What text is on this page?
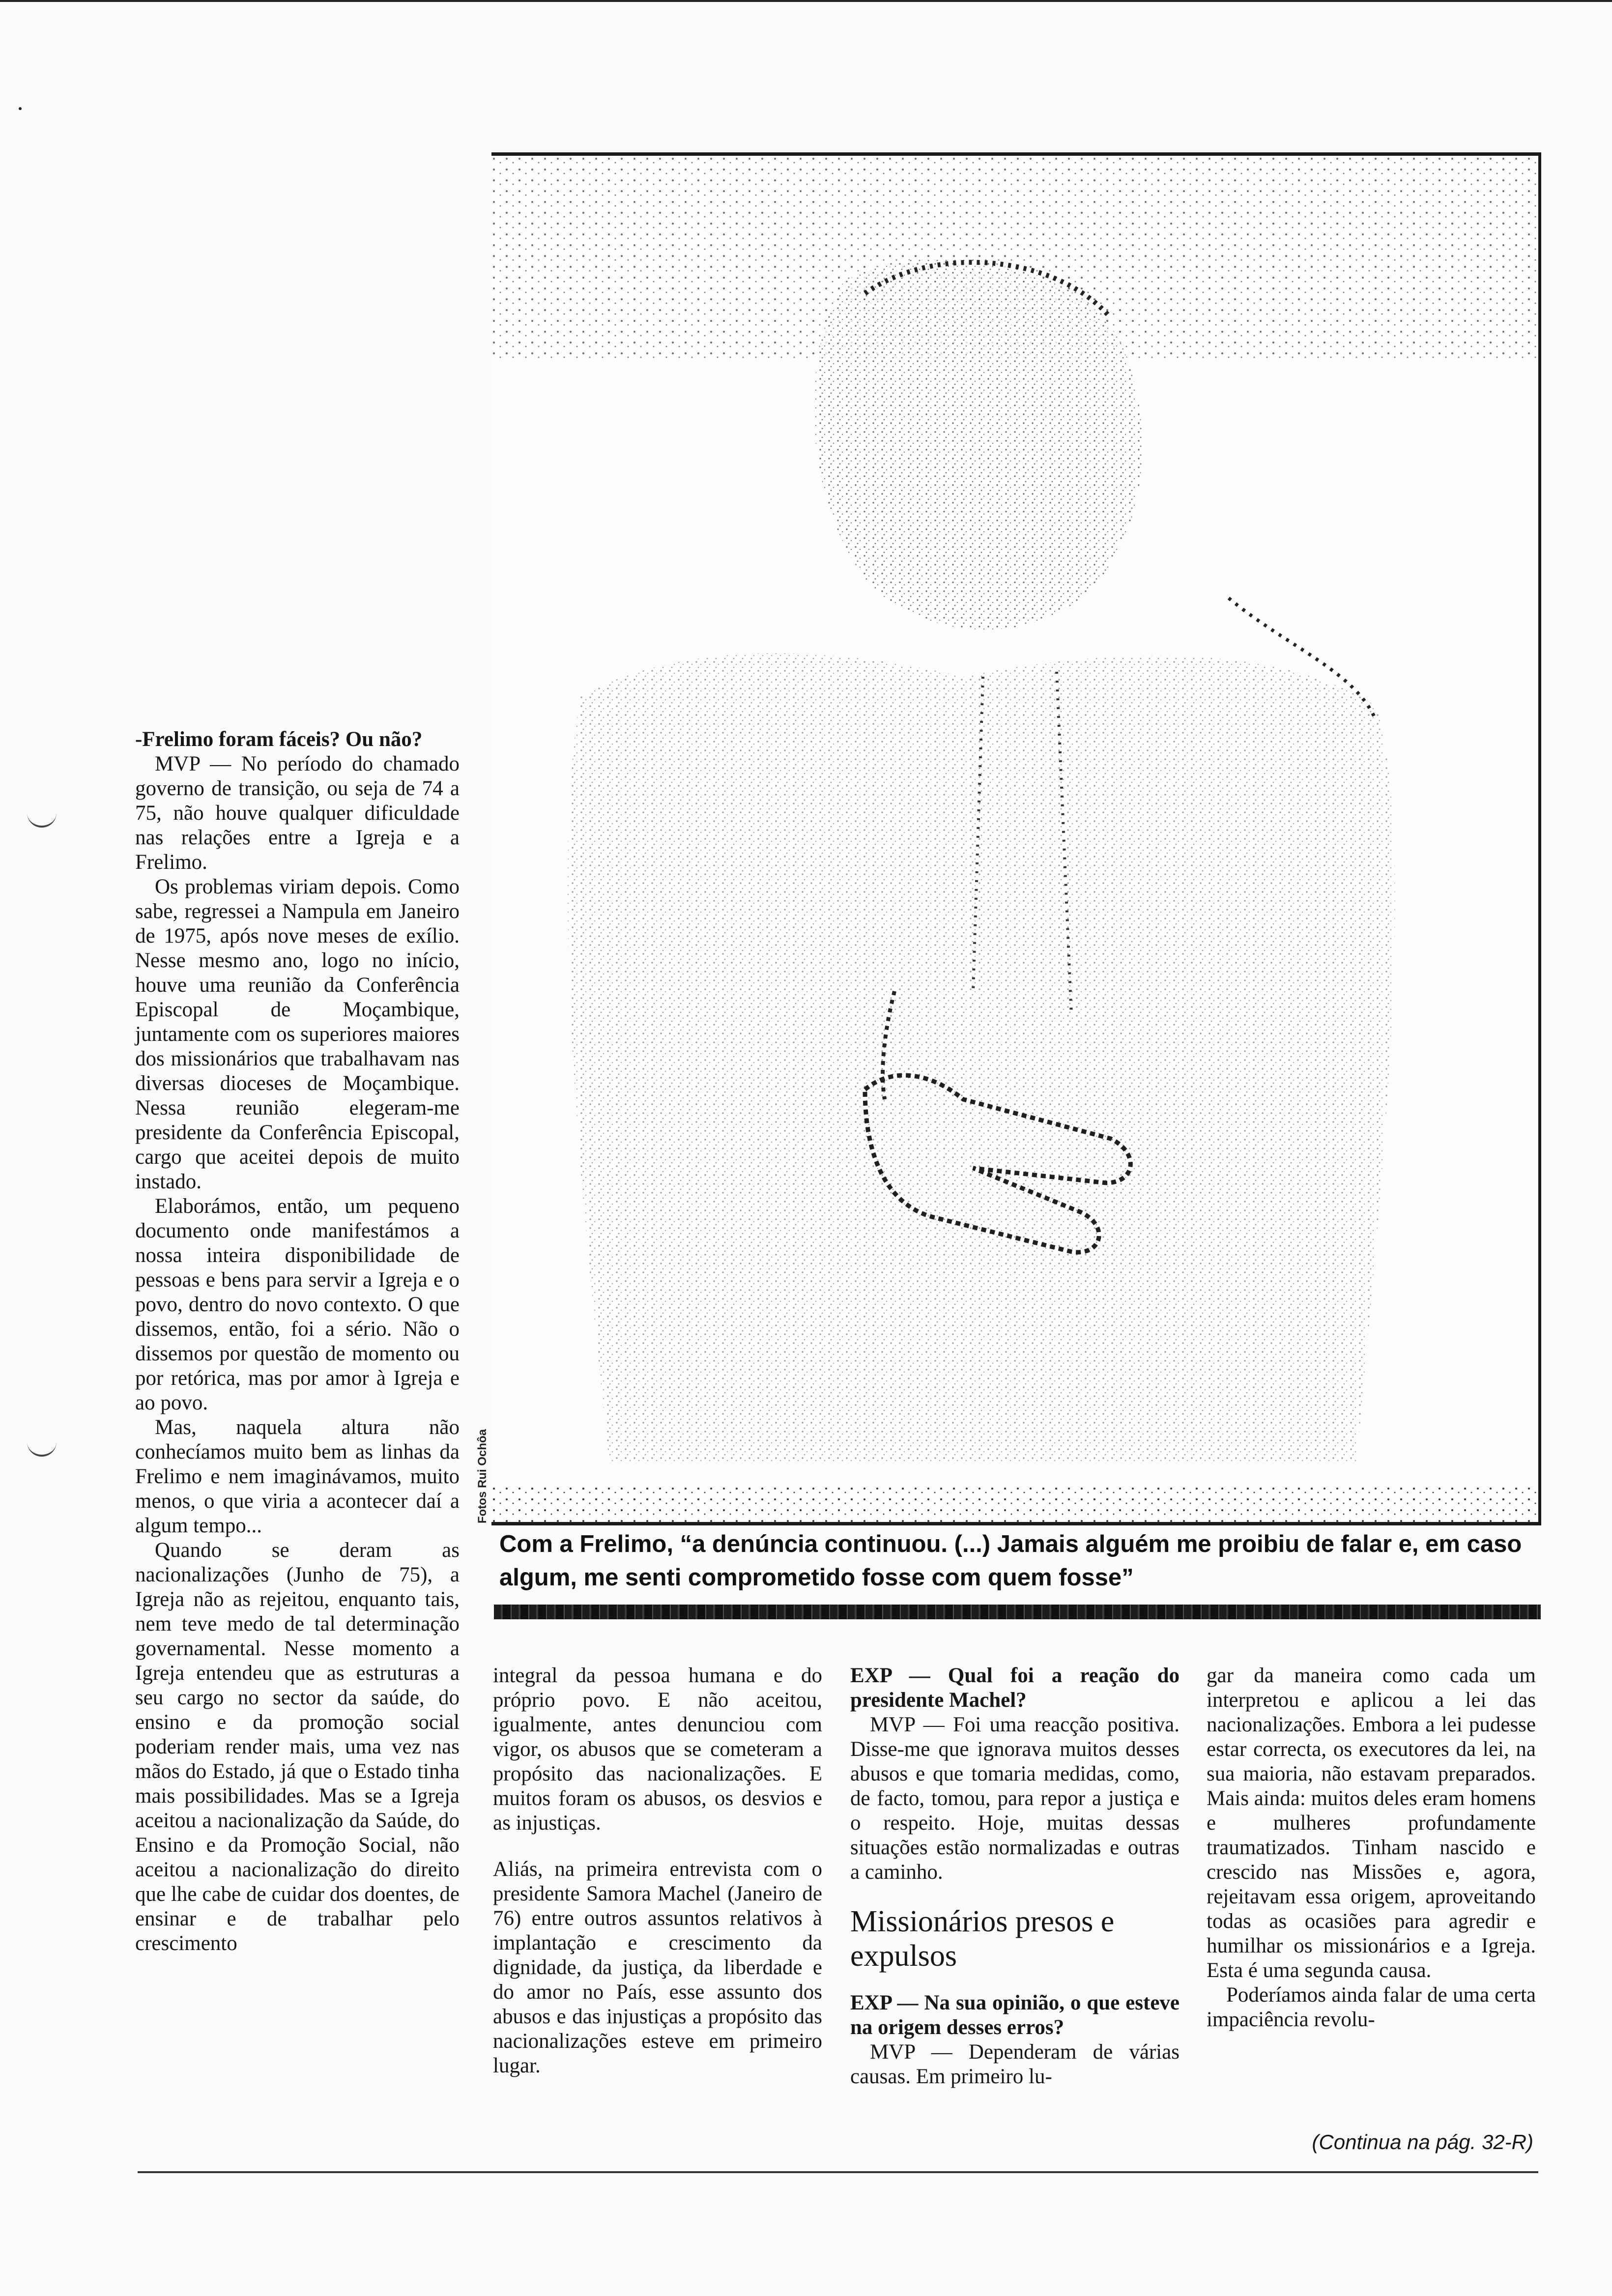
Fotos Rui Ochôa
Com a Frelimo, “a denúncia continuou. (...) Jamais alguém me proibiu de falar e, em caso algum, me senti comprometido fosse com quem fosse”

-Frelimo foram fáceis? Ou não?

MVP — No período do chamado governo de transição, ou seja de 74 a 75, não houve qualquer dificuldade nas relações entre a Igreja e a Frelimo.

Os problemas viriam depois. Como sabe, regressei a Nampula em Janeiro de 1975, após nove meses de exílio. Nesse mesmo ano, logo no início, houve uma reunião da Conferência Episcopal de Moçambique, juntamente com os superiores maiores dos missionários que trabalhavam nas diversas dioceses de Moçambique. Nessa reunião elegeram-me presidente da Conferência Episcopal, cargo que aceitei depois de muito instado.

Elaborámos, então, um pequeno documento onde manifestámos a nossa inteira disponibilidade de pessoas e bens para servir a Igreja e o povo, dentro do novo contexto. O que dissemos, então, foi a sério. Não o dissemos por questão de momento ou por retórica, mas por amor à Igreja e ao povo.

Mas, naquela altura não conhecíamos muito bem as linhas da Frelimo e nem imaginávamos, muito menos, o que viria a acontecer daí a algum tempo...

Quando se deram as nacionalizações (Junho de 75), a Igreja não as rejeitou, enquanto tais, nem teve medo de tal determinação governamental. Nesse momento a Igreja entendeu que as estruturas a seu cargo no sector da saúde, do ensino e da promoção social poderiam render mais, uma vez nas mãos do Estado, já que o Estado tinha mais possibilidades. Mas se a Igreja aceitou a nacionalização da Saúde, do Ensino e da Promoção Social, não aceitou a nacionalização do direito que lhe cabe de cuidar dos doentes, de ensinar e de trabalhar pelo crescimento

integral da pessoa humana e do próprio povo. E não aceitou, igualmente, antes denunciou com vigor, os abusos que se cometeram a propósito das nacionalizações. E muitos foram os abusos, os desvios e as injustiças.

Aliás, na primeira entrevista com o presidente Samora Machel (Janeiro de 76) entre outros assuntos relativos à implantação e crescimento da dignidade, da justiça, da liberdade e do amor no País, esse assunto dos abusos e das injustiças a propósito das nacionalizações esteve em primeiro lugar.

EXP — Qual foi a reação do presidente Machel?

MVP — Foi uma reacção positiva. Disse-me que ignorava muitos desses abusos e que tomaria medidas, como, de facto, tomou, para repor a justiça e o respeito. Hoje, muitas dessas situações estão normalizadas e outras a caminho.

Missionários presos e expulsos

EXP — Na sua opinião, o que esteve na origem desses erros?

MVP — Dependeram de várias causas. Em primeiro lu-

gar da maneira como cada um interpretou e aplicou a lei das nacionalizações. Embora a lei pudesse estar correcta, os executores da lei, na sua maioria, não estavam preparados. Mais ainda: muitos deles eram homens e mulheres profundamente traumatizados. Tinham nascido e crescido nas Missões e, agora, rejeitavam essa origem, aproveitando todas as ocasiões para agredir e humilhar os missionários e a Igreja. Esta é uma segunda causa.

Poderíamos ainda falar de uma certa impaciência revolu-

(Continua na pág. 32-R)
